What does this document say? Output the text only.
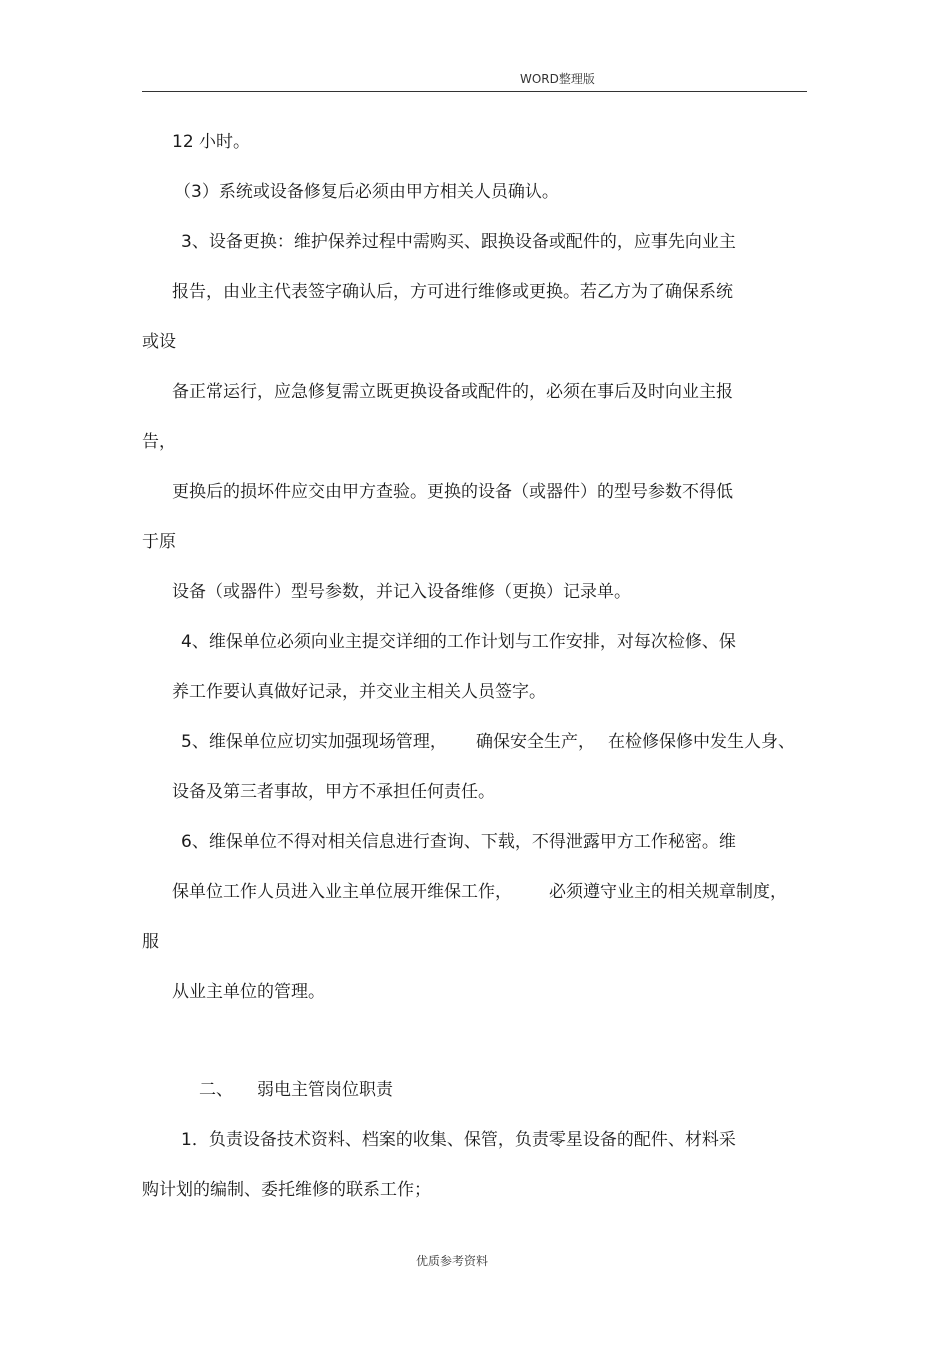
WORD整理版
12 小时。
（3）系统或设备修复后必须由甲方相关人员确认。
3、设备更换：维护保养过程中需购买、跟换设备或配件的，应事先向业主
报告，由业主代表签字确认后，方可进行维修或更换。若乙方为了确保系统
或设
备正常运行，应急修复需立既更换设备或配件的，必须在事后及时向业主报
告，
更换后的损坏件应交由甲方查验。更换的设备（或器件）的型号参数不得低
于原
设备（或器件）型号参数，并记入设备维修（更换）记录单。
4、维保单位必须向业主提交详细的工作计划与工作安排，对每次检修、保
养工作要认真做好记录，并交业主相关人员签字。
5、维保单位应切实加强现场管理， 确保安全生产， 在检修保修中发生人身、
设备及第三者事故，甲方不承担任何责任。
6、维保单位不得对相关信息进行查询、下载，不得泄露甲方工作秘密。维
保单位工作人员进入业主单位展开维保工作， 必须遵守业主的相关规章制度，
服
从业主单位的管理。
二、 弱电主管岗位职责
1．负责设备技术资料、档案的收集、保管，负责零星设备的配件、材料采
购计划的编制、委托维修的联系工作；
优质参考资料
